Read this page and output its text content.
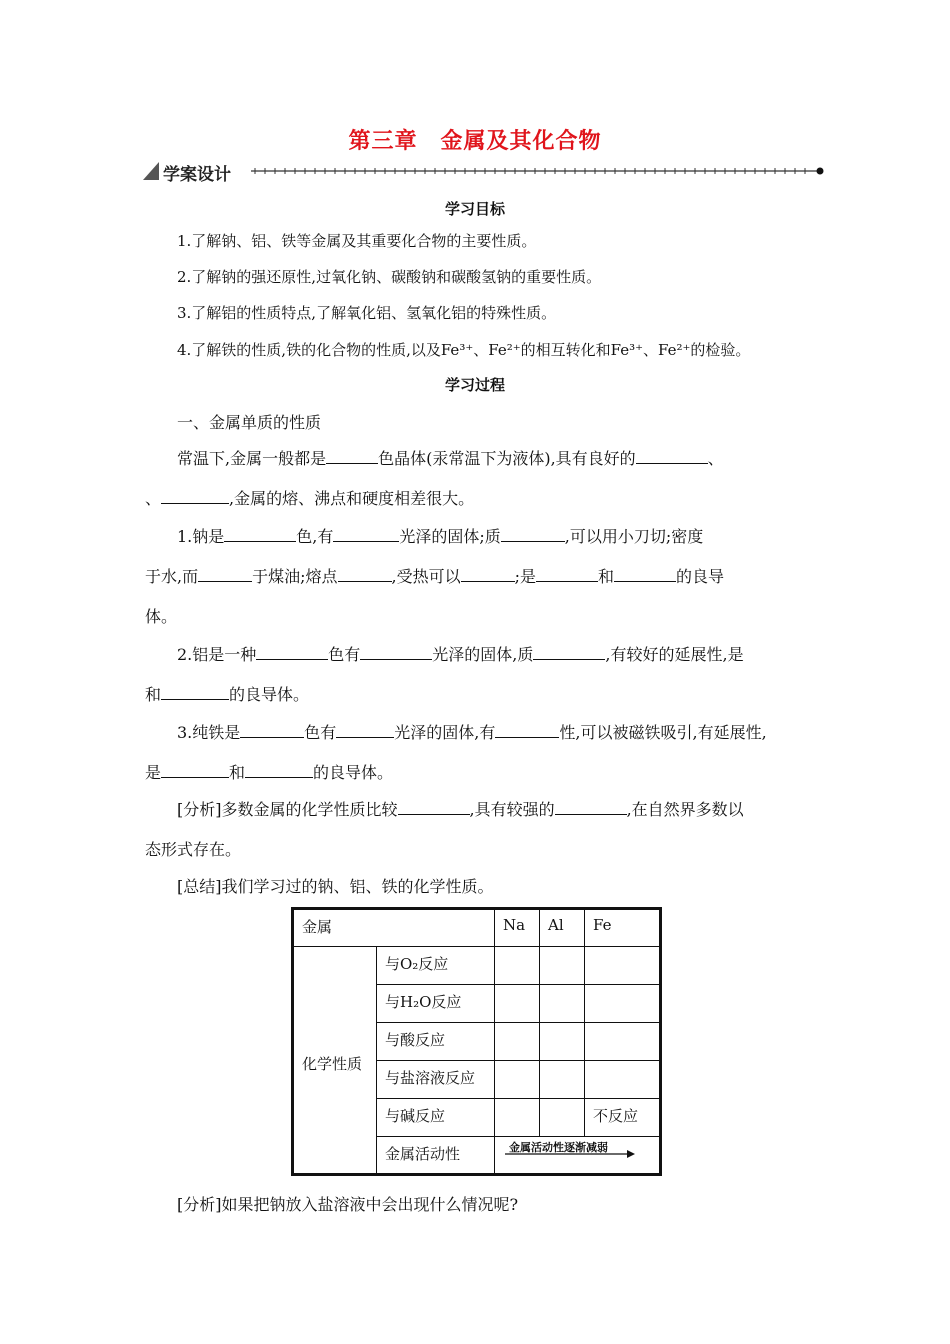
第三章　金属及其化合物
学案设计
学习目标
1.了解钠、铝、铁等金属及其重要化合物的主要性质。
2.了解钠的强还原性,过氧化钠、碳酸钠和碳酸氢钠的重要性质。
3.了解铝的性质特点,了解氧化铝、氢氧化铝的特殊性质。
4.了解铁的性质,铁的化合物的性质,以及Fe³⁺、Fe²⁺的相互转化和Fe³⁺、Fe²⁺的检验。
学习过程
一、金属单质的性质
常温下,金属一般都是	色晶体(汞常温下为液体),具有良好的	、
、	,金属的熔、沸点和硬度相差很大。
1.钠是	色,有	光泽的固体;质	,可以用小刀切;密度
于水,而	于煤油;熔点	,受热可以	;是	和	的良导
体。
2.铝是一种	色有	光泽的固体,质	,有较好的延展性,是
和	的良导体。
3.纯铁是	色有	光泽的固体,有	性,可以被磁铁吸引,有延展性,
是	和	的良导体。
[分析]多数金属的化学性质比较	,具有较强的	,在自然界多数以
态形式存在。
[总结]我们学习过的钠、铝、铁的化学性质。
金属		Na	Al	Fe
化学性质	与O₂反应			
	与H₂O反应			
	与酸反应			
	与盐溶液反应			
	与碱反应			不反应
	金属活动性	金属活动性逐渐减弱		
[分析]如果把钠放入盐溶液中会出现什么情况呢?
